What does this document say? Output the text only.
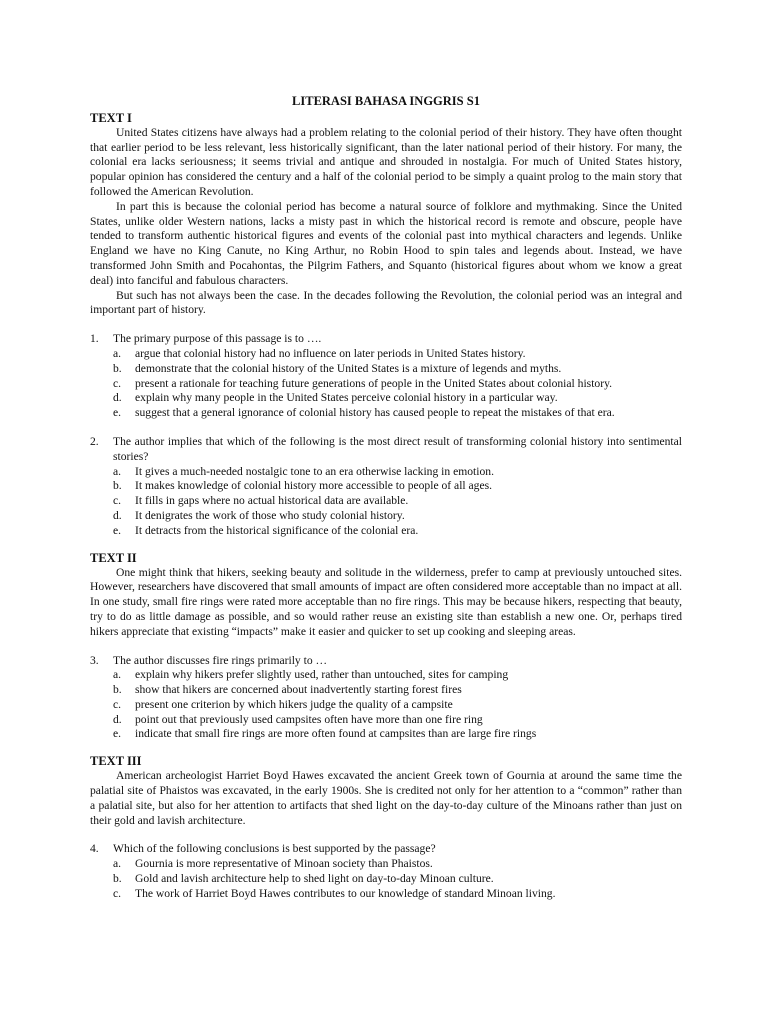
LITERASI BAHASA INGGRIS S1
TEXT I

United States citizens have always had a problem relating to the colonial period of their history. They have often thought that earlier period to be less relevant, less historically significant, than the later national period of their history. For many, the colonial era lacks seriousness; it seems trivial and antique and shrouded in nostalgia. For much of United States history, popular opinion has considered the century and a half of the colonial period to be simply a quaint prolog to the main story that followed the American Revolution.

In part this is because the colonial period has become a natural source of folklore and mythmaking. Since the United States, unlike older Western nations, lacks a misty past in which the historical record is remote and obscure, people have tended to transform authentic historical figures and events of the colonial past into mythical characters and legends. Unlike England we have no King Canute, no King Arthur, no Robin Hood to spin tales and legends about. Instead, we have transformed John Smith and Pocahontas, the Pilgrim Fathers, and Squanto (historical figures about whom we know a great deal) into fanciful and fabulous characters.

But such has not always been the case. In the decades following the Revolution, the colonial period was an integral and important part of history.

1.	The primary purpose of this passage is to ….
a.	argue that colonial history had no influence on later periods in United States history.
b.	demonstrate that the colonial history of the United States is a mixture of legends and myths.
c.	present a rationale for teaching future generations of people in the United States about colonial history.
d.	explain why many people in the United States perceive colonial history in a particular way.
e.	suggest that a general ignorance of colonial history has caused people to repeat the mistakes of that era.
2.	The author implies that which of the following is the most direct result of transforming colonial history into sentimental stories?
a.	It gives a much-needed nostalgic tone to an era otherwise lacking in emotion.
b.	It makes knowledge of colonial history more accessible to people of all ages.
c.	It fills in gaps where no actual historical data are available.
d.	It denigrates the work of those who study colonial history.
e.	It detracts from the historical significance of the colonial era.
TEXT II

One might think that hikers, seeking beauty and solitude in the wilderness, prefer to camp at previously untouched sites. However, researchers have discovered that small amounts of impact are often considered more acceptable than no impact at all. In one study, small fire rings were rated more acceptable than no fire rings. This may be because hikers, respecting that beauty, try to do as little damage as possible, and so would rather reuse an existing site than establish a new one. Or, perhaps tired hikers appreciate that existing “impacts” make it easier and quicker to set up cooking and sleeping areas.

3.	The author discusses fire rings primarily to …
a.	explain why hikers prefer slightly used, rather than untouched, sites for camping
b.	show that hikers are concerned about inadvertently starting forest fires
c.	present one criterion by which hikers judge the quality of a campsite
d.	point out that previously used campsites often have more than one fire ring
e.	indicate that small fire rings are more often found at campsites than are large fire rings
TEXT III

American archeologist Harriet Boyd Hawes excavated the ancient Greek town of Gournia at around the same time the palatial site of Phaistos was excavated, in the early 1900s. She is credited not only for her attention to a “common” rather than a palatial site, but also for her attention to artifacts that shed light on the day-to-day culture of the Minoans rather than just on their gold and lavish architecture.

4.	Which of the following conclusions is best supported by the passage?
a.	Gournia is more representative of Minoan society than Phaistos.
b.	Gold and lavish architecture help to shed light on day-to-day Minoan culture.
c.	The work of Harriet Boyd Hawes contributes to our knowledge of standard Minoan living.
